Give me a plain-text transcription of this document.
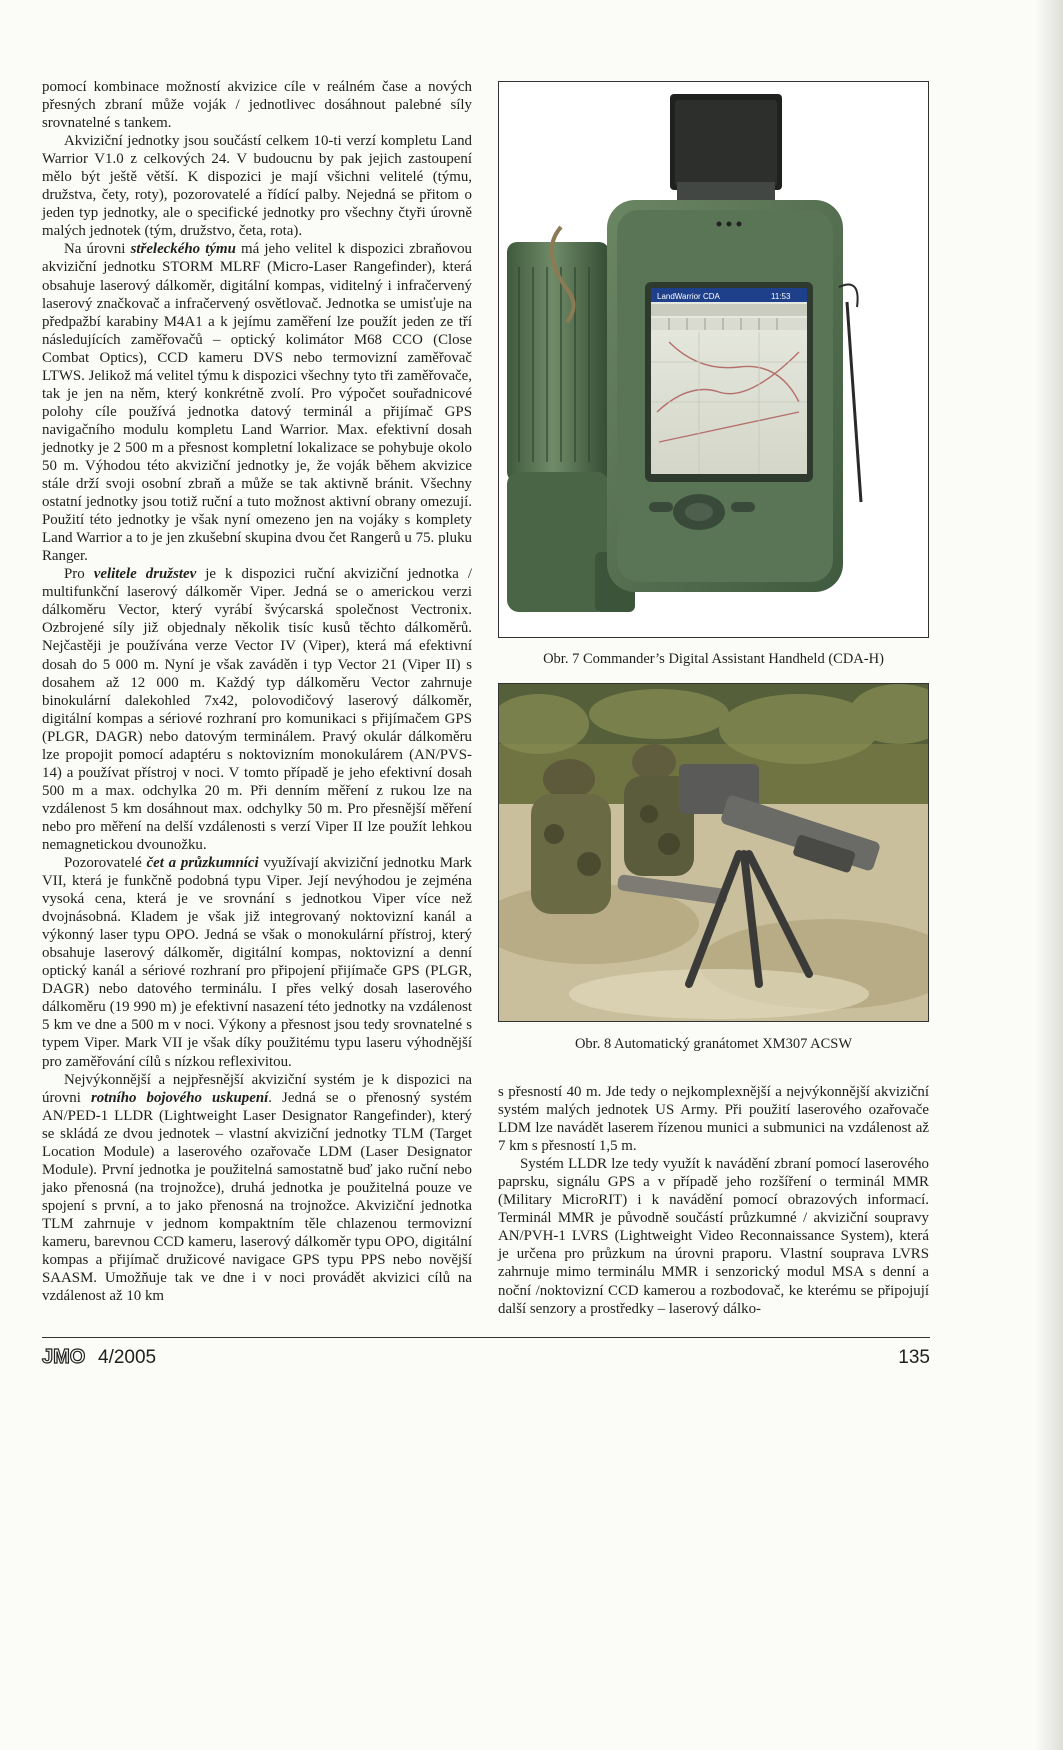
pomocí kombinace možností akvizice cíle v reálném čase a nových přesných zbraní může voják / jednotlivec dosáhnout palebné síly srovnatelné s tankem.

Akviziční jednotky jsou součástí celkem 10-ti verzí kompletu Land Warrior V1.0 z celkových 24. V budoucnu by pak jejich zastoupení mělo být ještě větší. K dispozici je mají všichni velitelé (týmu, družstva, čety, roty), pozorovatelé a řídící palby. Nejedná se přitom o jeden typ jednotky, ale o specifické jednotky pro všechny čtyři úrovně malých jednotek (tým, družstvo, četa, rota).

Na úrovni střeleckého týmu má jeho velitel k dispozici zbraňovou akviziční jednotku STORM MLRF (Micro-Laser Rangefinder), která obsahuje laserový dálkoměr, digitální kompas, viditelný i infračervený laserový značkovač a infračervený osvětlovač. Jednotka se umisťuje na předpažbí karabiny M4A1 a k jejímu zaměření lze použít jeden ze tří následujících zaměřovačů – optický kolimátor M68 CCO (Close Combat Optics), CCD kameru DVS nebo termovizní zaměřovač LTWS. Jelikož má velitel týmu k dispozici všechny tyto tři zaměřovače, tak je jen na něm, který konkrétně zvolí. Pro výpočet souřadnicové polohy cíle používá jednotka datový terminál a přijímač GPS navigačního modulu kompletu Land Warrior. Max. efektivní dosah jednotky je 2 500 m a přesnost kompletní lokalizace se pohybuje okolo 50 m. Výhodou této akviziční jednotky je, že voják během akvizice stále drží svoji osobní zbraň a může se tak aktivně bránit. Všechny ostatní jednotky jsou totiž ruční a tuto možnost aktivní obrany omezují. Použití této jednotky je však nyní omezeno jen na vojáky s komplety Land Warrior a to je jen zkušební skupina dvou čet Rangerů u 75. pluku Ranger.

Pro velitele družstev je k dispozici ruční akviziční jednotka / multifunkční laserový dálkoměr Viper. Jedná se o americkou verzi dálkoměru Vector, který vyrábí švýcarská společnost Vectronix. Ozbrojené síly již objednaly několik tisíc kusů těchto dálkoměrů. Nejčastěji je používána verze Vector IV (Viper), která má efektivní dosah do 5 000 m. Nyní je však zaváděn i typ Vector 21 (Viper II) s dosahem až 12 000 m. Každý typ dálkoměru Vector zahrnuje binokulární dalekohled 7x42, polovodičový laserový dálkoměr, digitální kompas a sériové rozhraní pro komunikaci s přijímačem GPS (PLGR, DAGR) nebo datovým terminálem. Pravý okulár dálkoměru lze propojit pomocí adaptéru s noktovizním monokulárem (AN/PVS-14) a používat přístroj v noci. V tomto případě je jeho efektivní dosah 500 m a max. odchylka 20 m. Při denním měření z rukou lze na vzdálenost 5 km dosáhnout max. odchylky 50 m. Pro přesnější měření nebo pro měření na delší vzdálenosti s verzí Viper II lze použít lehkou nemagnetickou dvounožku.

Pozorovatelé čet a průzkumníci využívají akviziční jednotku Mark VII, která je funkčně podobná typu Viper. Její nevýhodou je zejména vysoká cena, která je ve srovnání s jednotkou Viper více než dvojnásobná. Kladem je však již integrovaný noktovizní kanál a výkonný laser typu OPO. Jedná se však o monokulární přístroj, který obsahuje laserový dálkoměr, digitální kompas, noktovizní a denní optický kanál a sériové rozhraní pro připojení přijímače GPS (PLGR, DAGR) nebo datového terminálu. I přes velký dosah laserového dálkoměru (19 990 m) je efektivní nasazení této jednotky na vzdálenost 5 km ve dne a 500 m v noci. Výkony a přesnost jsou tedy srovnatelné s typem Viper. Mark VII je však díky použitému typu laseru výhodnější pro zaměřování cílů s nízkou reflexivitou.

Nejvýkonnější a nejpřesnější akviziční systém je k dispozici na úrovni rotního bojového uskupení. Jedná se o přenosný systém AN/PED-1 LLDR (Lightweight Laser Designator Rangefinder), který se skládá ze dvou jednotek – vlastní akviziční jednotky TLM (Target Location Module) a laserového ozařovače LDM (Laser Designator Module). První jednotka je použitelná samostatně buď jako ruční nebo jako přenosná (na trojnožce), druhá jednotka je použitelná pouze ve spojení s první, a to jako přenosná na trojnožce. Akviziční jednotka TLM zahrnuje v jednom kompaktním těle chlazenou termovizní kameru, barevnou CCD kameru, laserový dálkoměr typu OPO, digitální kompas a přijímač družicové navigace GPS typu PPS nebo novější SAASM. Umožňuje tak ve dne i v noci provádět akvizici cílů na vzdálenost až 10 km

LandWarrior CDA	11:53
Obr. 7 Commander’s Digital Assistant Handheld (CDA-H)
Obr. 8 Automatický granátomet XM307 ACSW

s přesností 40 m. Jde tedy o nejkomplexnější a nejvýkonnější akviziční systém malých jednotek US Army. Při použití laserového ozařovače LDM lze navádět laserem řízenou munici a submunici na vzdálenost až 7 km s přesností 1,5 m.

Systém LLDR lze tedy využít k navádění zbraní pomocí laserového paprsku, signálu GPS a v případě jeho rozšíření o terminál MMR (Military MicroRIT) i k navádění pomocí obrazových informací. Terminál MMR je původně součástí průzkumné / akviziční soupravy AN/PVH-1 LVRS (Lightweight Video Reconnaissance System), která je určena pro průzkum na úrovni praporu. Vlastní souprava LVRS zahrnuje mimo terminálu MMR i senzorický modul MSA s denní a noční /noktovizní CCD kamerou a rozbodovač, ke kterému se připojují další senzory a prostředky – laserový dálko-

JMO 4/2005	135
